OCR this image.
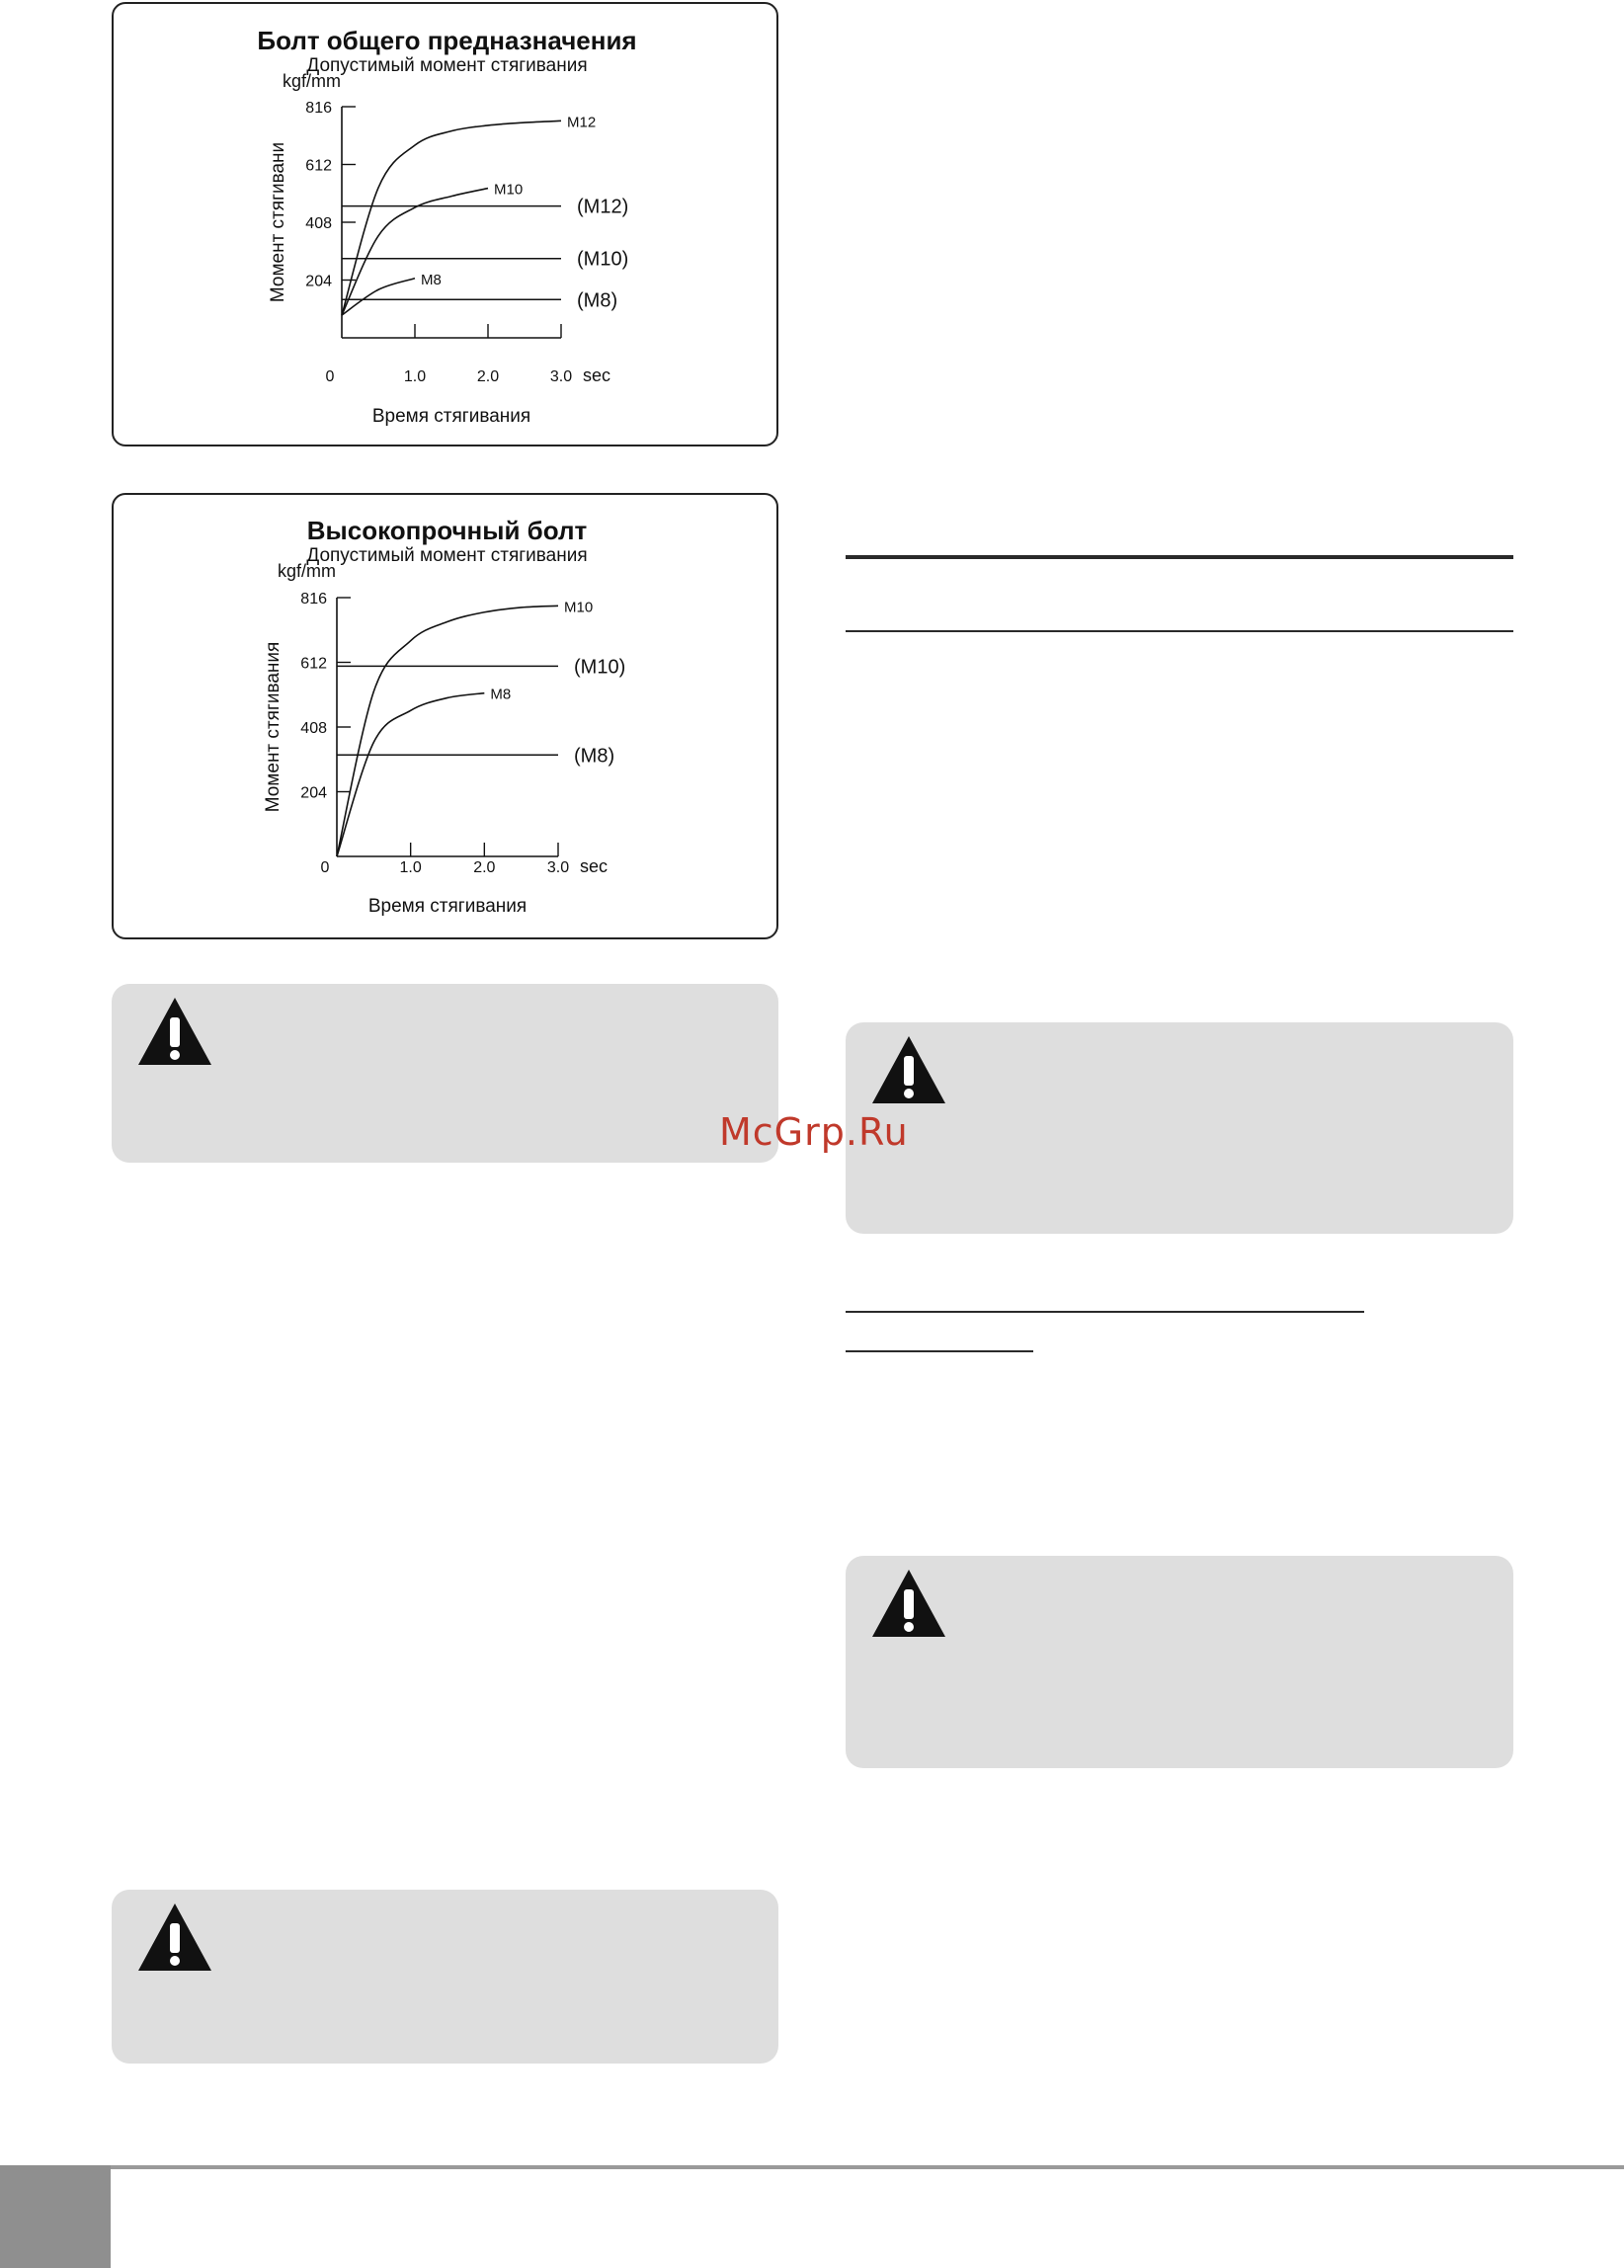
Болт общего предназначения
Допустимый момент стягивания
kgf/mm
816
612
408
204
0	1.0	2.0	3.0 sec
Время стягивания
Момент стягивани	(M12)
(M10)
(M8)
M12
M10
M8
Высокопрочный болт
Допустимый момент стягивания
kgf/mm
816
612
408
204
0	1.0	2.0	3.0 sec
Время стягивания
Момент стягивания	(M10)
(M8)
M10
M8
McGrp.Ru
